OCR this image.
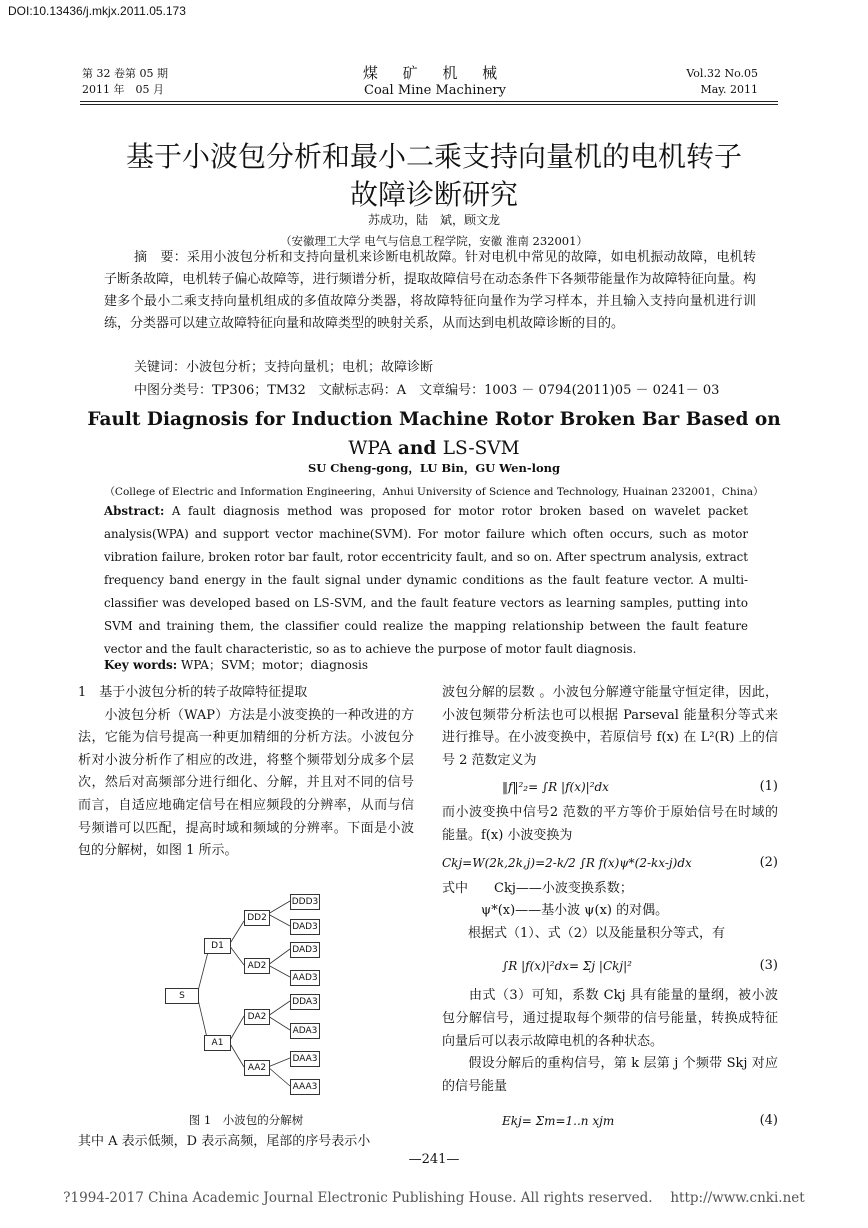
DOI:10.13436/j.mkjx.2011.05.173
第 32 卷第 05 期
2011 年　05 月
煤 矿 机 械
Coal Mine Machinery
Vol.32 No.05
May. 2011
基于小波包分析和最小二乘支持向量机的电机转子
故障诊断研究
苏成功，陆　斌，顾文龙
（安徽理工大学 电气与信息工程学院，安徽 淮南 232001）
摘　要：采用小波包分析和支持向量机来诊断电机故障。针对电机中常见的故障，如电机振动故障，电机转子断条故障，电机转子偏心故障等，进行频谱分析，提取故障信号在动态条件下各频带能量作为故障特征向量。构建多个最小二乘支持向量机组成的多值故障分类器，将故障特征向量作为学习样本，并且输入支持向量机进行训练，分类器可以建立故障特征向量和故障类型的映射关系，从而达到电机故障诊断的目的。
关键词：小波包分析；支持向量机；电机；故障诊断
中图分类号：TP306；TM32　文献标志码：A　文章编号：1003 － 0794(2011)05 － 0241－ 03
Fault Diagnosis for Induction Machine Rotor Broken Bar Based on
WPA and LS-SVM
SU Cheng-gong，LU Bin，GU Wen-long
（College of Electric and Information Engineering，Anhui University of Science and Technology, Huainan 232001，China）
Abstract: A fault diagnosis method was proposed for motor rotor broken based on wavelet packet analysis(WPA) and support vector machine(SVM). For motor failure which often occurs, such as motor vibration failure, broken rotor bar fault, rotor eccentricity fault, and so on. After spectrum analysis, extract frequency band energy in the fault signal under dynamic conditions as the fault feature vector. A multi-classifier was developed based on LS-SVM, and the fault feature vectors as learning samples, putting into SVM and training them, the classifier could realize the mapping relationship between the fault feature vector and the fault characteristic, so as to achieve the purpose of motor fault diagnosis.
Key words: WPA；SVM；motor；diagnosis
1　基于小波包分析的转子故障特征提取
　　小波包分析（WAP）方法是小波变换的一种改进的方法，它能为信号提高一种更加精细的分析方法。小波包分析对小波分析作了相应的改进，将整个频带划分成多个层次，然后对高频部分进行细化、分解，并且对不同的信号而言，自适应地确定信号在相应频段的分辨率，从而与信号频谱可以匹配，提高时域和频域的分辨率。下面是小波包的分解树，如图 1 所示。
S
D1
A1
DD2
AD2
DA2
AA2
DDD3
DAD3
DAD3
AAD3
DDA3
ADA3
DAA3
AAA3
图 1　小波包的分解树
其中 A 表示低频，D 表示高频，尾部的序号表示小
波包分解的层数 。小波包分解遵守能量守恒定律，因此，小波包频带分析法也可以根据 Parseval 能量积分等式来进行推导。在小波变换中，若原信号 f(x) 在 L²(R) 上的信号 2 范数定义为
‖f‖²₂= ∫R |f(x)|²dx	(1)
而小波变换中信号2 范数的平方等价于原始信号在时域的能量。f(x) 小波变换为
Ckj=W(2k,2k,j)=2-k/2 ∫R f(x)ψ*(2-kx-j)dx	(2)
式中　　Ckj——小波变换系数；
　　　ψ*(x)——基小波 ψ(x) 的对偶。
　　根据式（1）、式（2）以及能量积分等式，有
∫R |f(x)|²dx= Σj |Ckj|²	(3)
　　由式（3）可知，系数 Ckj 具有能量的量纲，被小波包分解信号，通过提取每个频带的信号能量，转换成特征向量后可以表示故障电机的各种状态。
　　假设分解后的重构信号，第 k 层第 j 个频带 Skj 对应的信号能量
Ekj= Σm=1..n xjm	(4)
—241—
?1994-2017 China Academic Journal Electronic Publishing House. All rights reserved.　 http://www.cnki.net
